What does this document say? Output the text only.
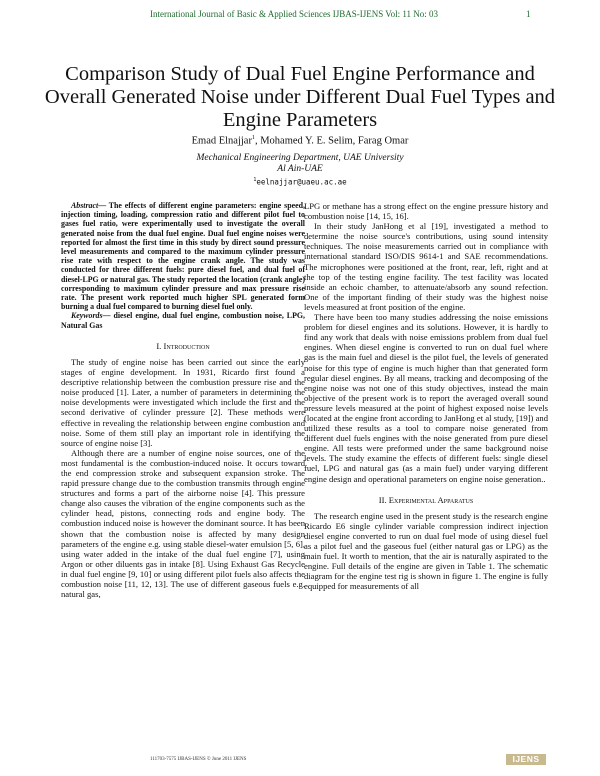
International Journal of Basic & Applied Sciences IJBAS-IJENS Vol: 11 No: 03	1
Comparison Study of Dual Fuel Engine Performance and Overall Generated Noise under Different Dual Fuel Types and Engine Parameters
Emad Elnajjar$^1$, Mohamed Y. E. Selim, Farag Omar
Mechanical Engineering Department, UAE University
Al Ain-UAE
$^1$eelnajjar@uaeu.ac.ae

Abstract— The effects of different engine parameters: engine speed, injection timing, loading, compression ratio and different pilot fuel to gases fuel ratio, were experimentally used to investigate the overall generated noise from the dual fuel engine. Dual fuel engine noises were reported for almost the first time in this study by direct sound pressure level measurements and compared to the maximum cylinder pressure rise rate with respect to the engine crank angle. The study was conducted for three different fuels: pure diesel fuel, and dual fuel of diesel-LPG or natural gas. The study reported the location (crank angle) corresponding to maximum cylinder pressure and max pressure rise rate. The present work reported much higher SPL generated form burning a dual fuel compared to burning diesel fuel only.

Keywords— diesel engine, dual fuel engine, combustion noise, LPG, Natural Gas

I. Introduction

The study of engine noise has been carried out since the early stages of engine development. In 1931, Ricardo first found a descriptive relationship between the combustion pressure rise and the noise produced [1]. Later, a number of parameters in determining the noise developments were investigated which include the first and the second derivative of cylinder pressure [2]. These methods were effective in revealing the relationship between engine combustion and noise. Some of them still play an important role in identifying the source of engine noise [3].

Although there are a number of engine noise sources, one of the most fundamental is the combustion-induced noise. It occurs toward the end compression stroke and subsequent expansion stroke. The rapid pressure change due to the combustion transmits through engine structures and forms a part of the airborne noise [4]. This pressure change also causes the vibration of the engine components such as the cylinder head, pistons, connecting rods and engine body. The combustion induced noise is however the dominant source. It has been shown that the combustion noise is affected by many design parameters of the engine e.g. using stable diesel-water emulsion [5, 6], using water added in the intake of the dual fuel engine [7], using Argon or other diluents gas in intake [8]. Using Exhaust Gas Recycle in dual fuel engine [9, 10] or using different pilot fuels also affects the combustion noise [11, 12, 13]. The use of different gaseous fuels e.g. natural gas,

LPG or methane has a strong effect on the engine pressure history and combustion noise [14, 15, 16].

In their study JanHong et al [19], investigated a method to determine the noise source's contributions, using sound intensity techniques. The noise measurements carried out in compliance with international standard ISO/DIS 9614-1 and SAE recommendations. The microphones were positioned at the front, rear, left, right and at the top of the testing engine facility. The test facility was located inside an echoic chamber, to attenuate/absorb any sound refection. One of the important finding of their study was the highest noise levels measured at front position of the engine.

There have been too many studies addressing the noise emissions problem for diesel engines and its solutions. However, it is hardly to find any work that deals with noise emissions problem from dual fuel engines. When diesel engine is converted to run on dual fuel where gas is the main fuel and diesel is the pilot fuel, the levels of generated noise for this type of engine is much higher than that generated form regular diesel engines. By all means, tracking and decomposing of the engine noise was not one of this study objectives, instead the main objective of the present work is to report the averaged overall sound pressure levels measured at the point of highest exposed noise levels (located at the engine front according to JanHong et al study, [19]) and utilized these results as a tool to compare noise generated from different duel fuels engines with the noise generated from pure diesel engine. All tests were preformed under the same background noise levels. The study examine the effects of different fuels: single diesel fuel, LPG and natural gas (as a main fuel) under varying different engine design and operational parameters on engine noise generation..

II. Experimental Apparatus

The research engine used in the present study is the research engine Ricardo E6 single cylinder variable compression indirect injection diesel engine converted to run on dual fuel mode of using diesel fuel as a pilot fuel and the gaseous fuel (either natural gas or LPG) as the main fuel. It worth to mention, that the air is naturally aspirated to the engine. Full details of the engine are given in Table 1. The schematic diagram for the engine test rig is shown in figure 1. The engine is fully equipped for measurements of all

111703-7575 IJBAS-IJENS © June 2011 IJENS	IJENS
